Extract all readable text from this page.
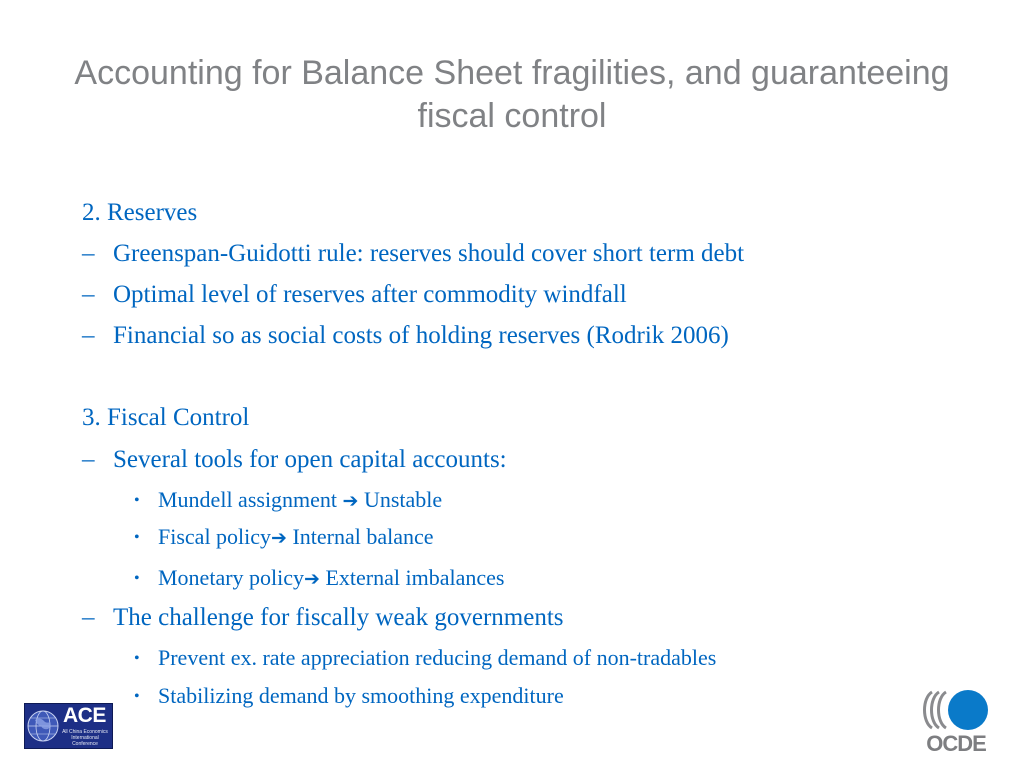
Accounting for Balance Sheet fragilities, and guaranteeing fiscal control
2. Reserves
– Greenspan-Guidotti rule: reserves should cover short term debt
– Optimal level of reserves after commodity windfall
– Financial so as social costs of holding reserves (Rodrik 2006)
3. Fiscal Control
– Several tools for open capital accounts:
• Mundell assignment ➔ Unstable
• Fiscal policy➔ Internal balance
• Monetary policy➔ External imbalances
– The challenge for fiscally weak governments
• Prevent ex. rate appreciation reducing demand of non-tradables
• Stabilizing demand by smoothing expenditure
ACE
All China Economics
International Conference	OCDE
